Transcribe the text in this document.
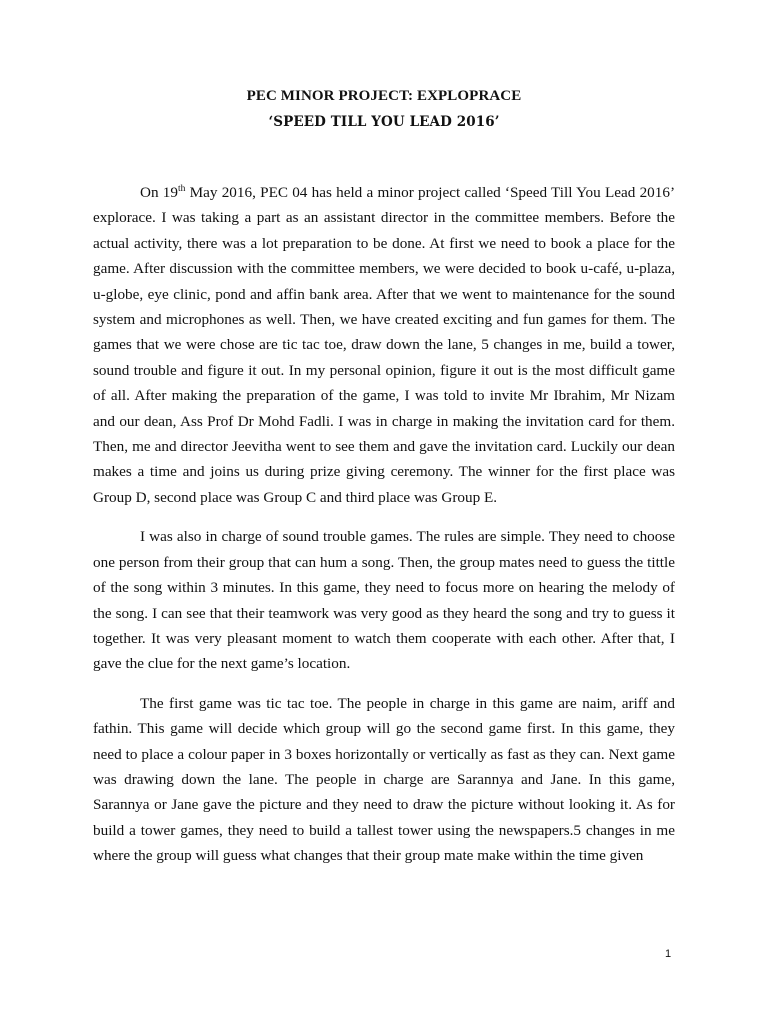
PEC MINOR PROJECT: EXPLOPRACE
‘SPEED TILL YOU LEAD 2016’

On 19th May 2016, PEC 04 has held a minor project called ‘Speed Till You Lead 2016’ explorace. I was taking a part as an assistant director in the committee members. Before the actual activity, there was a lot preparation to be done. At first we need to book a place for the game. After discussion with the committee members, we were decided to book u-café, u-plaza, u-globe, eye clinic, pond and affin bank area. After that we went to maintenance for the sound system and microphones as well. Then, we have created exciting and fun games for them. The games that we were chose are tic tac toe, draw down the lane, 5 changes in me, build a tower, sound trouble and figure it out. In my personal opinion, figure it out is the most difficult game of all. After making the preparation of the game, I was told to invite Mr Ibrahim, Mr Nizam and our dean, Ass Prof Dr Mohd Fadli. I was in charge in making the invitation card for them. Then, me and director Jeevitha went to see them and gave the invitation card. Luckily our dean makes a time and joins us during prize giving ceremony. The winner for the first place was Group D, second place was Group C and third place was Group E.

I was also in charge of sound trouble games. The rules are simple. They need to choose one person from their group that can hum a song. Then, the group mates need to guess the tittle of the song within 3 minutes. In this game, they need to focus more on hearing the melody of the song. I can see that their teamwork was very good as they heard the song and try to guess it together. It was very pleasant moment to watch them cooperate with each other. After that, I gave the clue for the next game’s location.

The first game was tic tac toe. The people in charge in this game are naim, ariff and fathin. This game will decide which group will go the second game first. In this game, they need to place a colour paper in 3 boxes horizontally or vertically as fast as they can. Next game was drawing down the lane. The people in charge are Sarannya and Jane. In this game, Sarannya or Jane gave the picture and they need to draw the picture without looking it. As for build a tower games, they need to build a tallest tower using the newspapers.5 changes in me where the group will guess what changes that their group mate make within the time given

1
